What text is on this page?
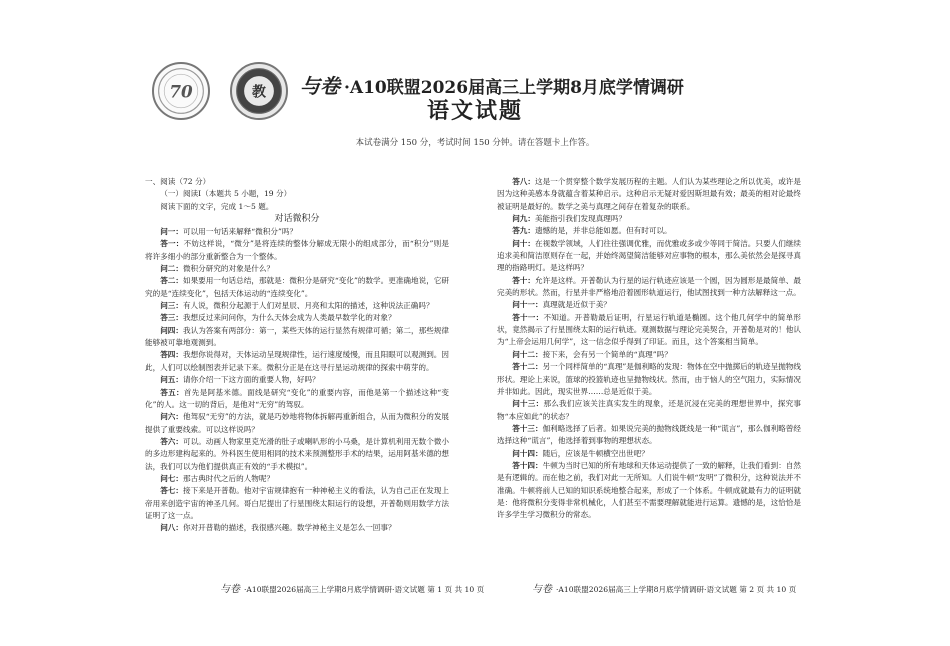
70	教 与卷 ·A10联盟2026届高三上学期8月底学情调研
语文试题
本试卷满分 150 分，考试时间 150 分钟。请在答题卡上作答。

一、阅读（72 分）

（一）阅读Ⅰ（本题共 5 小题，19 分）

阅读下面的文字，完成 1～5 题。

对话微积分

问一：可以用一句话来解释“微积分”吗？

答一：不妨这样说，“微分”是将连续的整体分解成无限小的组成部分，而“积分”则是将许多细小的部分重新整合为一个整体。

问二：微积分研究的对象是什么？

答二：如果要用一句话总结，那就是：微积分是研究“变化”的数学。更准确地说，它研究的是“连续变化”，包括天体运动的“连续变化”。

问三：有人说，微积分起源于人们对星辰、月亮和太阳的描述，这种说法正确吗？

答三：我想反过来问问你，为什么天体会成为人类最早数学化的对象？

问四：我认为答案有两部分：第一，某些天体的运行显然有规律可循；第二，那些规律能够被可靠地观测到。

答四：我想你说得对，天体运动呈现规律性，运行速度缓慢，而且阳眼可以观测到。因此，人们可以绘制图表并记录下来。微积分正是在这寻行星运动规律的探索中萌芽的。

问五：请你介绍一下这方面的重要人物，好吗？

答五：首先是阿基米德。面线是研究“变化”的重要内容，而他是第一个描述这种“变化”的人。这一切的背后，是他对“无穷”的驾驭。

问六：他驾驭“无穷”的方法，就是巧妙地将物体拆解再重新组合，从而为微积分的发展提供了重要线索。可以这样说吗？

答六：可以。动画人物家里克光滑的肚子或喇叭形的小马桑，是计算机利用无数个微小的多边形建构起来的。外科医生使用相同的技术来预测整形手术的结果，运用阿基米德的想法，我们可以为他们提供真正有效的“手术模拟”。

问七：那古典时代之后的人物呢？

答七：接下来是开普勒。他对宇宙规律抱有一种神秘主义的看法，认为自己正在发现上帝用来创造宇宙的神圣几何。哥白尼提出了行星围绕太阳运行的设想，开普勒则用数学方法证明了这一点。

问八：你对开普勒的描述，我很感兴趣。数学神秘主义是怎么一回事？

答八：这是一个贯穿整个数学发展历程的主题。人们认为某些理论之所以优美，或许是因为这种美感本身就蕴含着某种启示。这种启示无疑对爱因斯坦最有效；最美的相对论最终被证明是最好的。数学之美与真理之间存在着复杂的联系。

问九：美能指引我们发现真理吗？

答九：遗憾的是，并非总能如愿。但有时可以。

问十：在视数学领域，人们往往强调优雅，而优雅或多或少等同于简洁。只要人们继续追求美和简洁原则存在一起，并始终渴望简洁能够对应事物的根本，那么美依然会是探寻真理的指路明灯。是这样吗？

答十：允许是这样。开普勒认为行星的运行轨迹应该是一个圆，因为圆形是最简单、最完美的形状。然而，行星并非严格地沿着圆形轨道运行，他试图找到一种方法解释这一点。

问十一：真理就是近似于美？

答十一：不知道。开普勒最后证明，行星运行轨道是椭圆。这个他几何学中的简单形状，竟然揭示了行星围绕太阳的运行轨迹。观测数据与理论完美契合，开普勒是对的！他认为“上帝会运用几何学”，这一信念似乎得到了印证。而且，这个答案相当简单。

问十二：接下来，会有另一个简单的“真理”吗？

答十二：另一个同样简单的“真理”是伽利略的发现：物体在空中抛掷后的轨迹呈抛物线形状。理论上来说，篮球的投篮轨迹也呈抛物线状。然而，由于恼人的空气阻力，实际情况并非如此。因此，现实世界……总是近似于美。

问十三：那么我们应该关注真实发生的现象，还是沉浸在完美的理想世界中，探究事物“本应如此”的状态？

答十三：伽利略选择了后者。如果说完美的抛物线既线是一种“谎言”，那么伽利略曾经选择这种“谎言”，他选择着到事物的理想状态。

问十四：随后，应该是牛顿横空出世吧？

答十四：牛顿为当时已知的所有地球和天体运动提供了一致的解释，让我们看到：自然是有逻辑的。而在他之前，我们对此一无所知。人们说牛顿“发明”了微积分，这种说法并不准确。牛顿将前人已知的知识系统地整合起来，形成了一个体系。牛顿成就最有力的证明就是：他将微积分变得非常机械化，人们甚至不需要理解就能进行运算。遗憾的是，这恰恰是许多学生学习微积分的常态。

与卷 ·A10联盟2026届高三上学期8月底学情调研·语文试题 第 1 页 共 10 页	与卷 ·A10联盟2026届高三上学期8月底学情调研·语文试题 第 2 页 共 10 页
